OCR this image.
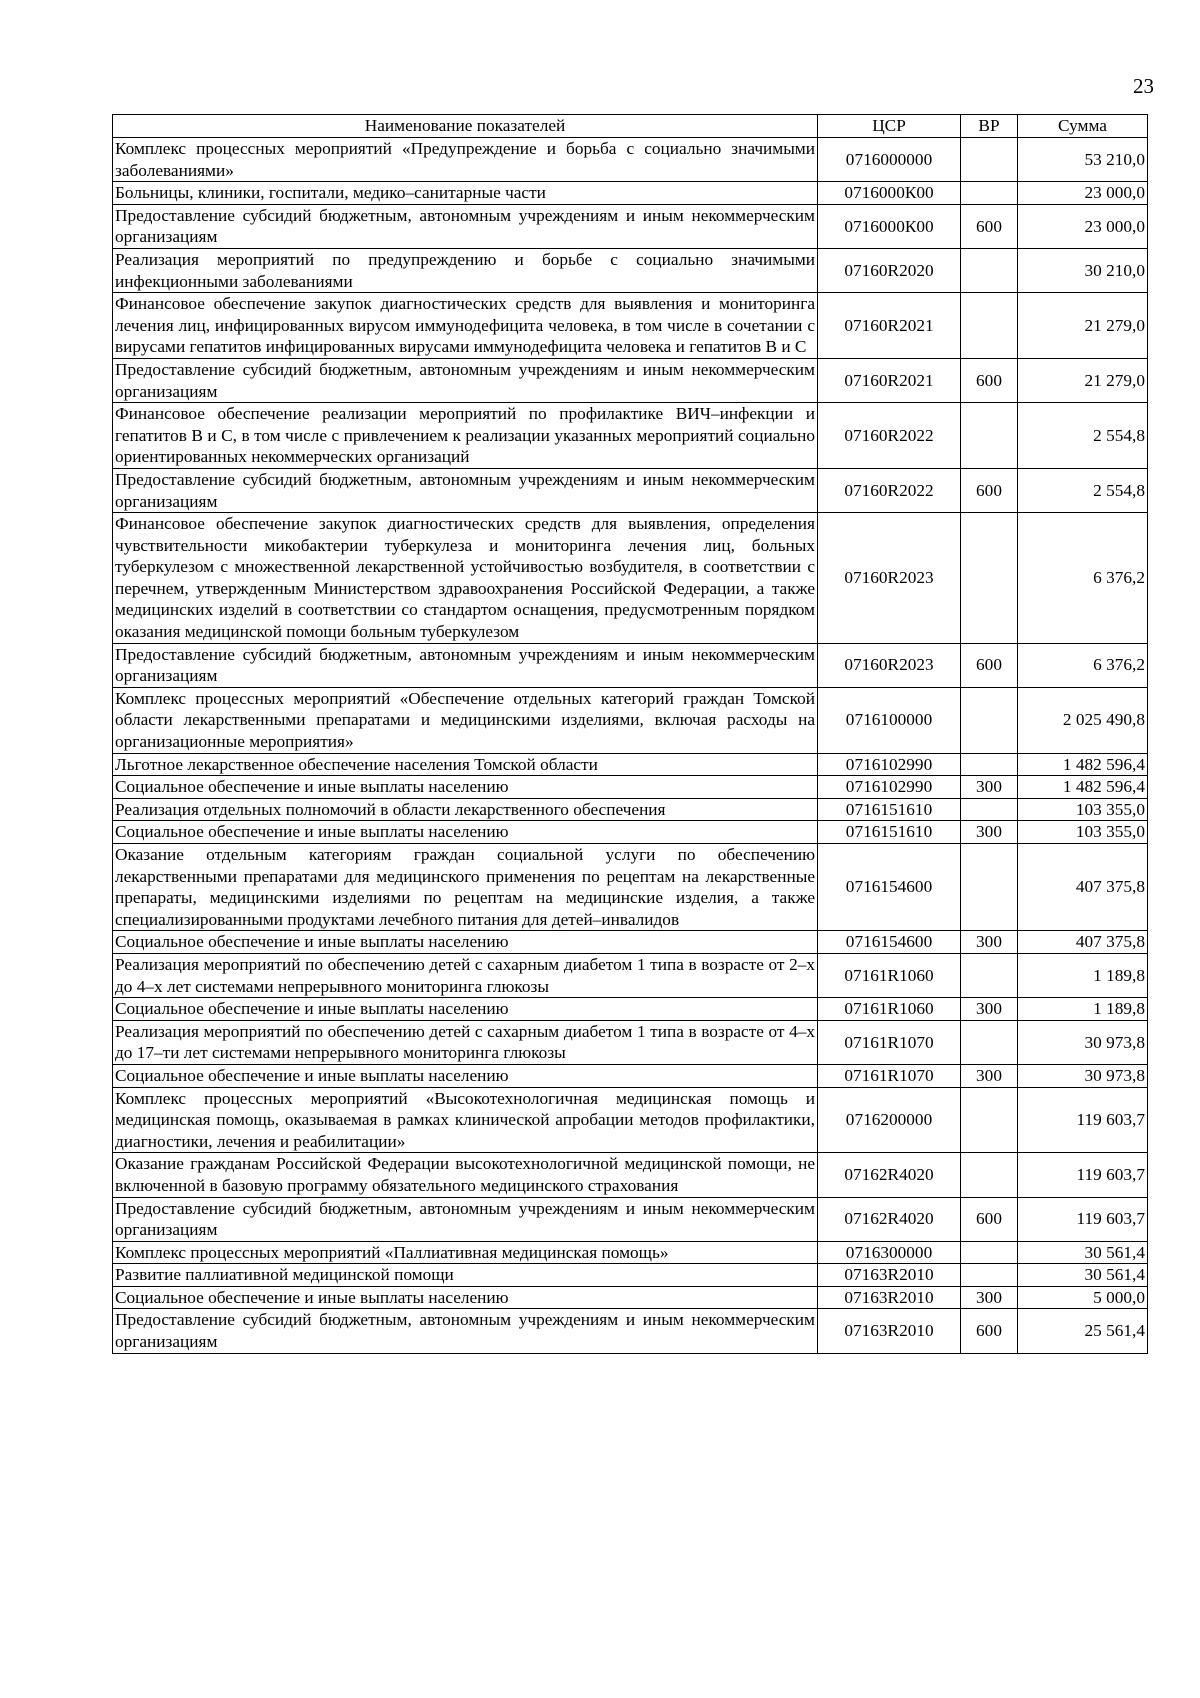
23
Наименование показателей	ЦСР	ВР	Сумма
Комплекс процессных мероприятий «Предупреждение и борьба с социально значимыми заболеваниями»	0716000000		53 210,0
Больницы, клиники, госпитали, медико–санитарные части	0716000К00		23 000,0
Предоставление субсидий бюджетным, автономным учреждениям и иным некоммерческим организациям	0716000К00	600	23 000,0
Реализация мероприятий по предупреждению и борьбе с социально значимыми инфекционными заболеваниями	07160R2020		30 210,0
Финансовое обеспечение закупок диагностических средств для выявления и мониторинга лечения лиц, инфицированных вирусом иммунодефицита человека, в том числе в сочетании с вирусами гепатитов инфицированных вирусами иммунодефицита человека и гепатитов В и С	07160R2021		21 279,0
Предоставление субсидий бюджетным, автономным учреждениям и иным некоммерческим организациям	07160R2021	600	21 279,0
Финансовое обеспечение реализации мероприятий по профилактике ВИЧ–инфекции и гепатитов В и С, в том числе с привлечением к реализации указанных мероприятий социально ориентированных некоммерческих организаций	07160R2022		2 554,8
Предоставление субсидий бюджетным, автономным учреждениям и иным некоммерческим организациям	07160R2022	600	2 554,8
Финансовое обеспечение закупок диагностических средств для выявления, определения чувствительности микобактерии туберкулеза и мониторинга лечения лиц, больных туберкулезом с множественной лекарственной устойчивостью возбудителя, в соответствии с перечнем, утвержденным Министерством здравоохранения Российской Федерации, а также медицинских изделий в соответствии со стандартом оснащения, предусмотренным порядком оказания медицинской помощи больным туберкулезом	07160R2023		6 376,2
Предоставление субсидий бюджетным, автономным учреждениям и иным некоммерческим организациям	07160R2023	600	6 376,2
Комплекс процессных мероприятий «Обеспечение отдельных категорий граждан Томской области лекарственными препаратами и медицинскими изделиями, включая расходы на организационные мероприятия»	0716100000		2 025 490,8
Льготное лекарственное обеспечение населения Томской области	0716102990		1 482 596,4
Социальное обеспечение и иные выплаты населению	0716102990	300	1 482 596,4
Реализация отдельных полномочий в области лекарственного обеспечения	0716151610		103 355,0
Социальное обеспечение и иные выплаты населению	0716151610	300	103 355,0
Оказание отдельным категориям граждан социальной услуги по обеспечению лекарственными препаратами для медицинского применения по рецептам на лекарственные препараты, медицинскими изделиями по рецептам на медицинские изделия, а также специализированными продуктами лечебного питания для детей–инвалидов	0716154600		407 375,8
Социальное обеспечение и иные выплаты населению	0716154600	300	407 375,8
Реализация мероприятий по обеспечению детей с сахарным диабетом 1 типа в возрасте от 2–х до 4–х лет системами непрерывного мониторинга глюкозы	07161R1060		1 189,8
Социальное обеспечение и иные выплаты населению	07161R1060	300	1 189,8
Реализация мероприятий по обеспечению детей с сахарным диабетом 1 типа в возрасте от 4–х до 17–ти лет системами непрерывного мониторинга глюкозы	07161R1070		30 973,8
Социальное обеспечение и иные выплаты населению	07161R1070	300	30 973,8
Комплекс процессных мероприятий «Высокотехнологичная медицинская помощь и медицинская помощь, оказываемая в рамках клинической апробации методов профилактики, диагностики, лечения и реабилитации»	0716200000		119 603,7
Оказание гражданам Российской Федерации высокотехнологичной медицинской помощи, не включенной в базовую программу обязательного медицинского страхования	07162R4020		119 603,7
Предоставление субсидий бюджетным, автономным учреждениям и иным некоммерческим организациям	07162R4020	600	119 603,7
Комплекс процессных мероприятий «Паллиативная медицинская помощь»	0716300000		30 561,4
Развитие паллиативной медицинской помощи	07163R2010		30 561,4
Социальное обеспечение и иные выплаты населению	07163R2010	300	5 000,0
Предоставление субсидий бюджетным, автономным учреждениям и иным некоммерческим организациям	07163R2010	600	25 561,4
